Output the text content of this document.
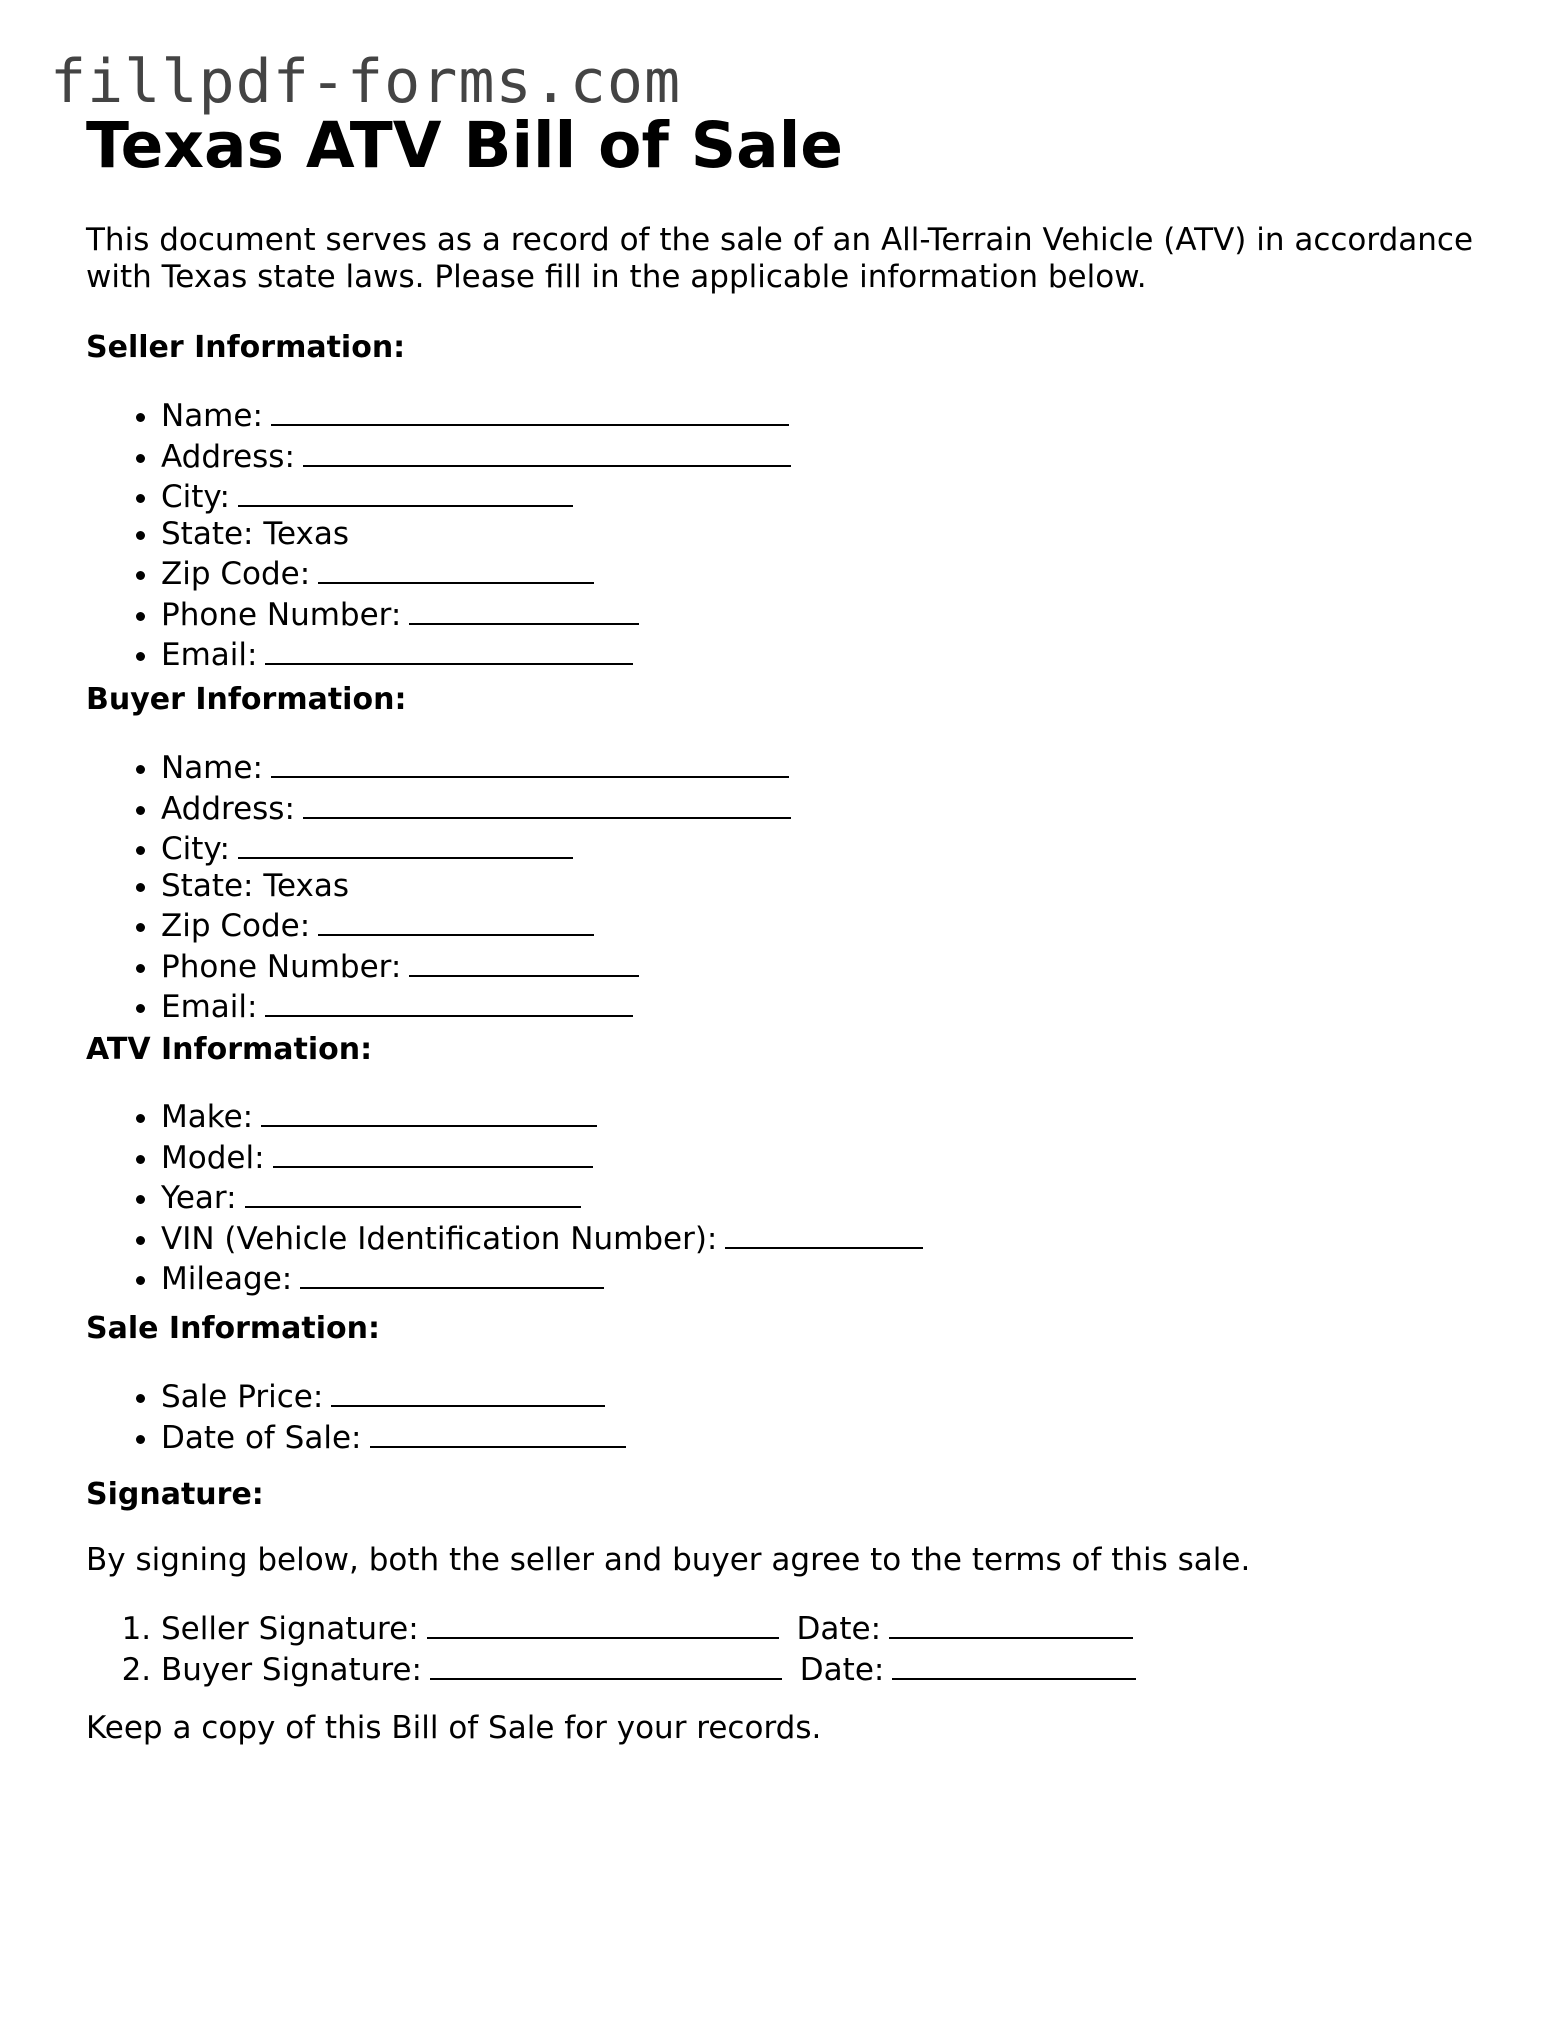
fillpdf-forms.com
Texas ATV Bill of Sale

This document serves as a record of the sale of an All-Terrain Vehicle (ATV) in accordance with Texas state laws. Please fill in the applicable information below.

Seller Information:

• Name:
• Address:
• City:
• State: Texas
• Zip Code:
• Phone Number:
• Email:

Buyer Information:

• Name:
• Address:
• City:
• State: Texas
• Zip Code:
• Phone Number:
• Email:

ATV Information:

• Make:
• Model:
• Year:
• VIN (Vehicle Identification Number):
• Mileage:

Sale Information:

• Sale Price:
• Date of Sale:

Signature:

By signing below, both the seller and buyer agree to the terms of this sale.

1. Seller Signature:	Date:
2. Buyer Signature:	Date:

Keep a copy of this Bill of Sale for your records.
